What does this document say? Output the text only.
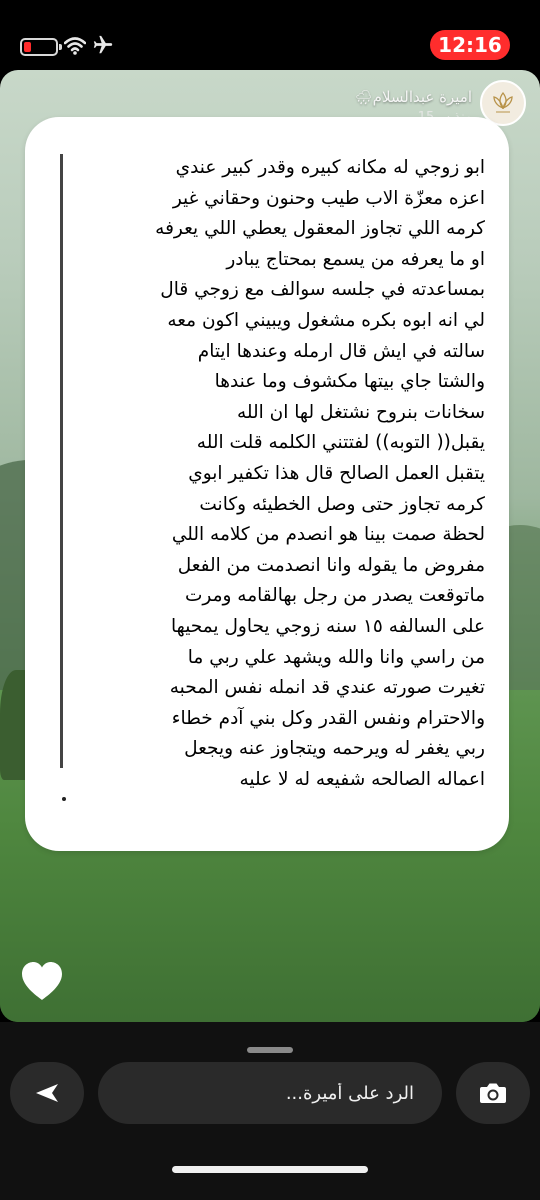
12:16
🌧اميرة عبدالسلام
ابو زوجي له مكانه كبيره وقدر كبير عندي
اعزه معزّة الاب طيب وحنون وحقاني غير
كرمه اللي تجاوز المعقول يعطي اللي يعرفه
او ما يعرفه من يسمع بمحتاج يبادر
بمساعدته في جلسه سوالف مع زوجي قال
لي انه ابوه بكره مشغول ويبيني اكون معه
سالته في ايش قال ارمله وعندها ايتام
والشتا جاي بيتها مكشوف وما عندها
سخانات بنروح نشتغل لها ان الله
يقبل(( التوبه)) لفتتني الكلمه قلت الله
يتقبل العمل الصالح قال هذا تكفير ابوي
كرمه تجاوز حتى وصل الخطيئه وكانت
لحظة صمت بينا هو انصدم من كلامه اللي
مفروض ما يقوله وانا انصدمت من الفعل
ماتوقعت يصدر من رجل بهالقامه ومرت
على السالفه ١٥ سنه زوجي يحاول يمحيها
من راسي وانا والله ويشهد علي ربي ما
تغيرت صورته عندي قد انمله نفس المحبه
والاحترام ونفس القدر وكل بني آدم خطاء
ربي يغفر له ويرحمه ويتجاوز عنه ويجعل
اعماله الصالحه شفيعه له لا عليه
الرد على أميرة...
